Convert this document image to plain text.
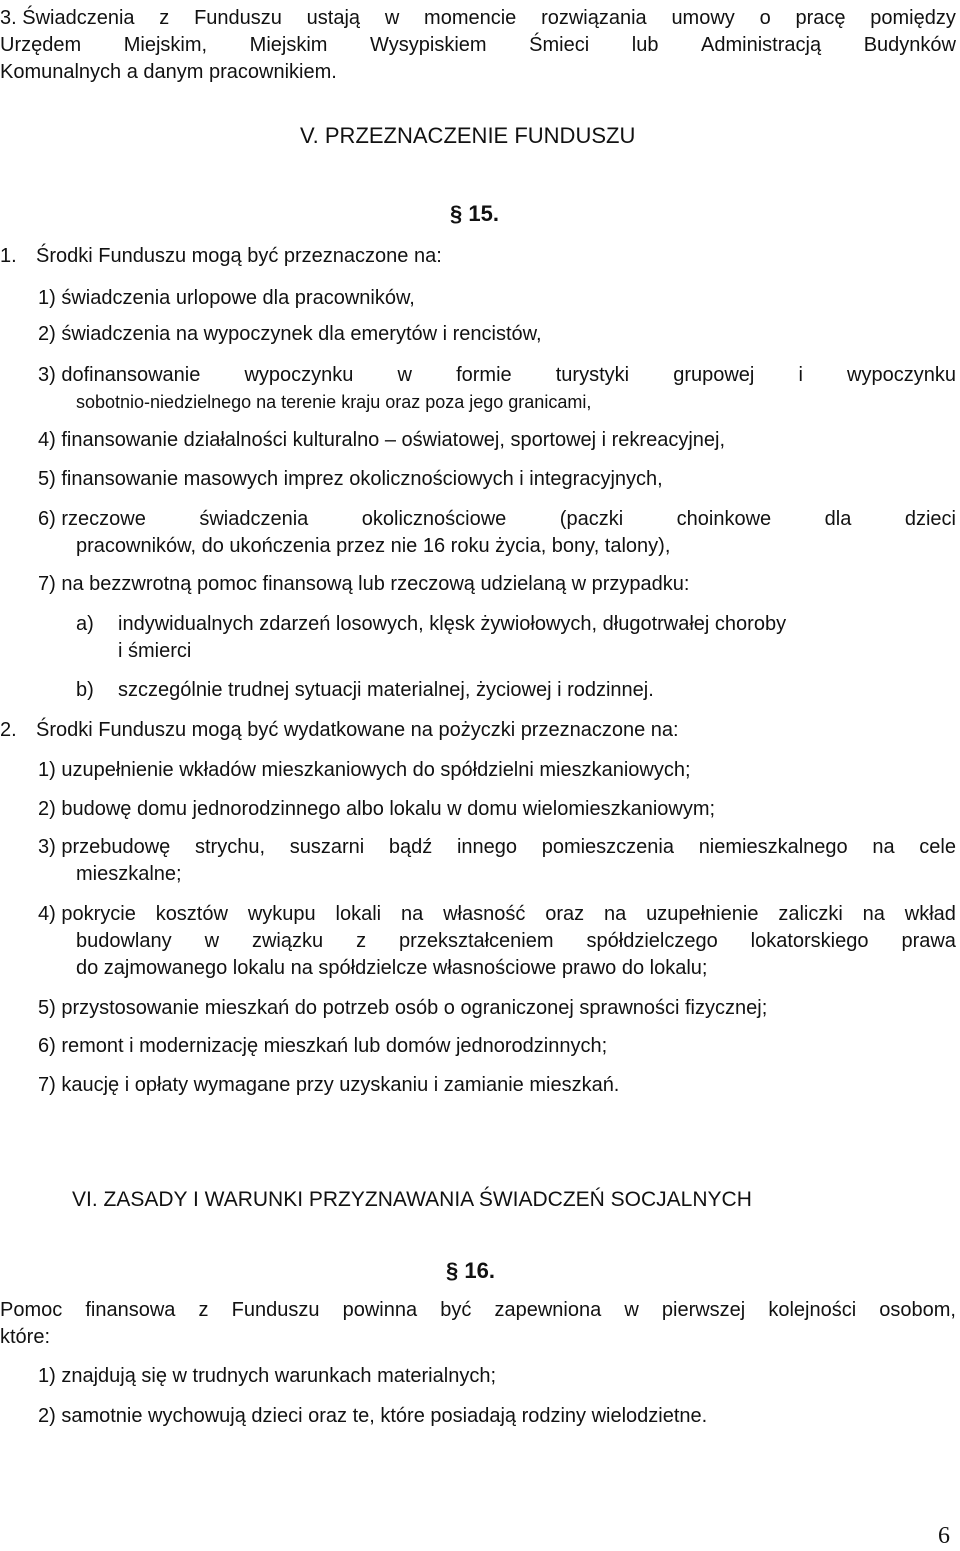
3. Świadczenia z Funduszu ustają w momencie rozwiązania umowy o pracę pomiędzy
Urzędem Miejskim, Miejskim Wysypiskiem Śmieci lub Administracją Budynków
Komunalnych a danym pracownikiem.
V. PRZEZNACZENIE FUNDUSZU
§ 15.
1. Środki Funduszu mogą być przeznaczone na:
1) świadczenia urlopowe dla pracowników,
2) świadczenia na wypoczynek dla emerytów i rencistów,
3) dofinansowanie wypoczynku w formie turystyki grupowej i wypoczynku
sobotnio-niedzielnego na terenie kraju oraz poza jego granicami,
4) finansowanie działalności kulturalno – oświatowej, sportowej i rekreacyjnej,
5) finansowanie masowych imprez okolicznościowych i integracyjnych,
6) rzeczowe	świadczenia	okolicznościowe	(paczki	choinkowe	dla	dzieci
pracowników, do ukończenia przez nie 16 roku życia, bony, talony),
7) na bezzwrotną pomoc finansową lub rzeczową udzielaną w przypadku:
a) indywidualnych zdarzeń losowych, klęsk żywiołowych, długotrwałej choroby
i śmierci
b) szczególnie trudnej sytuacji materialnej, życiowej i rodzinnej.
2. Środki Funduszu mogą być wydatkowane na pożyczki przeznaczone na:
1) uzupełnienie wkładów mieszkaniowych do spółdzielni mieszkaniowych;
2) budowę domu jednorodzinnego albo lokalu w domu wielomieszkaniowym;
3) przebudowę strychu, suszarni bądź innego pomieszczenia niemieszkalnego na cele
mieszkalne;
4) pokrycie kosztów wykupu lokali na własność oraz na uzupełnienie zaliczki na wkład
budowlany w związku z przekształceniem spółdzielczego lokatorskiego prawa
do zajmowanego lokalu na spółdzielcze własnościowe prawo do lokalu;
5) przystosowanie mieszkań do potrzeb osób o ograniczonej sprawności fizycznej;
6) remont i modernizację mieszkań lub domów jednorodzinnych;
7) kaucję i opłaty wymagane przy uzyskaniu i zamianie mieszkań.
VI. ZASADY I WARUNKI PRZYZNAWANIA ŚWIADCZEŃ SOCJALNYCH
§ 16.
Pomoc finansowa z Funduszu powinna być zapewniona w pierwszej kolejności osobom,
które:
1) znajdują się w trudnych warunkach materialnych;
2) samotnie wychowują dzieci oraz te, które posiadają rodziny wielodzietne.
6
